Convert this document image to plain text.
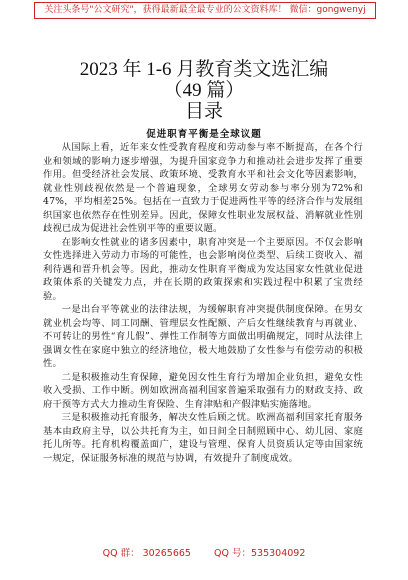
关注头条号"公文研究"，获得最新最全最专业的公文资料库！ 微信：gongwenyj
2023 年 1-6 月教育类文选汇编
（49 篇）
目录
促进职育平衡是全球议题

从国际上看，近年来女性受教育程度和劳动参与率不断提高，在各个行业和领域的影响力逐步增强，为提升国家竞争力和推动社会进步发挥了重要作用。但受经济社会发展、政策环境、受教育水平和社会文化等因素影响，就业性别歧视依然是一个普遍现象，全球男女劳动参与率分别为72%和47%，平均相差25%。包括在一直致力于促进两性平等的经济合作与发展组织国家也依然存在性别差异。因此，保障女性职业发展权益、消解就业性别歧视已成为促进社会性别平等的重要议题。

在影响女性就业的诸多因素中，职育冲突是一个主要原因。不仅会影响女性选择进入劳动力市场的可能性，也会影响岗位类型、后续工资收入、福利待遇和晋升机会等。因此，推动女性职育平衡成为发达国家女性就业促进政策体系的关键发力点，并在长期的政策探索和实践过程中积累了宝贵经验。

一是出台平等就业的法律法规，为缓解职育冲突提供制度保障。在男女就业机会均等、同工同酬、管理层女性配额、产后女性继续教育与再就业、不可转让的男性“育儿假”、弹性工作制等方面做出明确规定，同时从法律上强调女性在家庭中独立的经济地位，极大地鼓励了女性参与有偿劳动的积极性。

二是积极推动生育保障，避免因女性生育行为增加企业负担，避免女性收入受损、工作中断。例如欧洲高福利国家普遍采取强有力的财政支持、政府干预等方式大力推动生育保险、生育津贴和产假津贴实施落地。

三是积极推动托育服务，解决女性后顾之忧。欧洲高福利国家托育服务基本由政府主导，以公共托育为主，如日间全日制照顾中心、幼儿园、家庭托儿所等。托育机构覆盖面广，建设与管理、保育人员资质认定等由国家统一规定，保证服务标准的规范与协调，有效提升了制度成效。

QQ 群： 30265665 QQ 号：535304092
